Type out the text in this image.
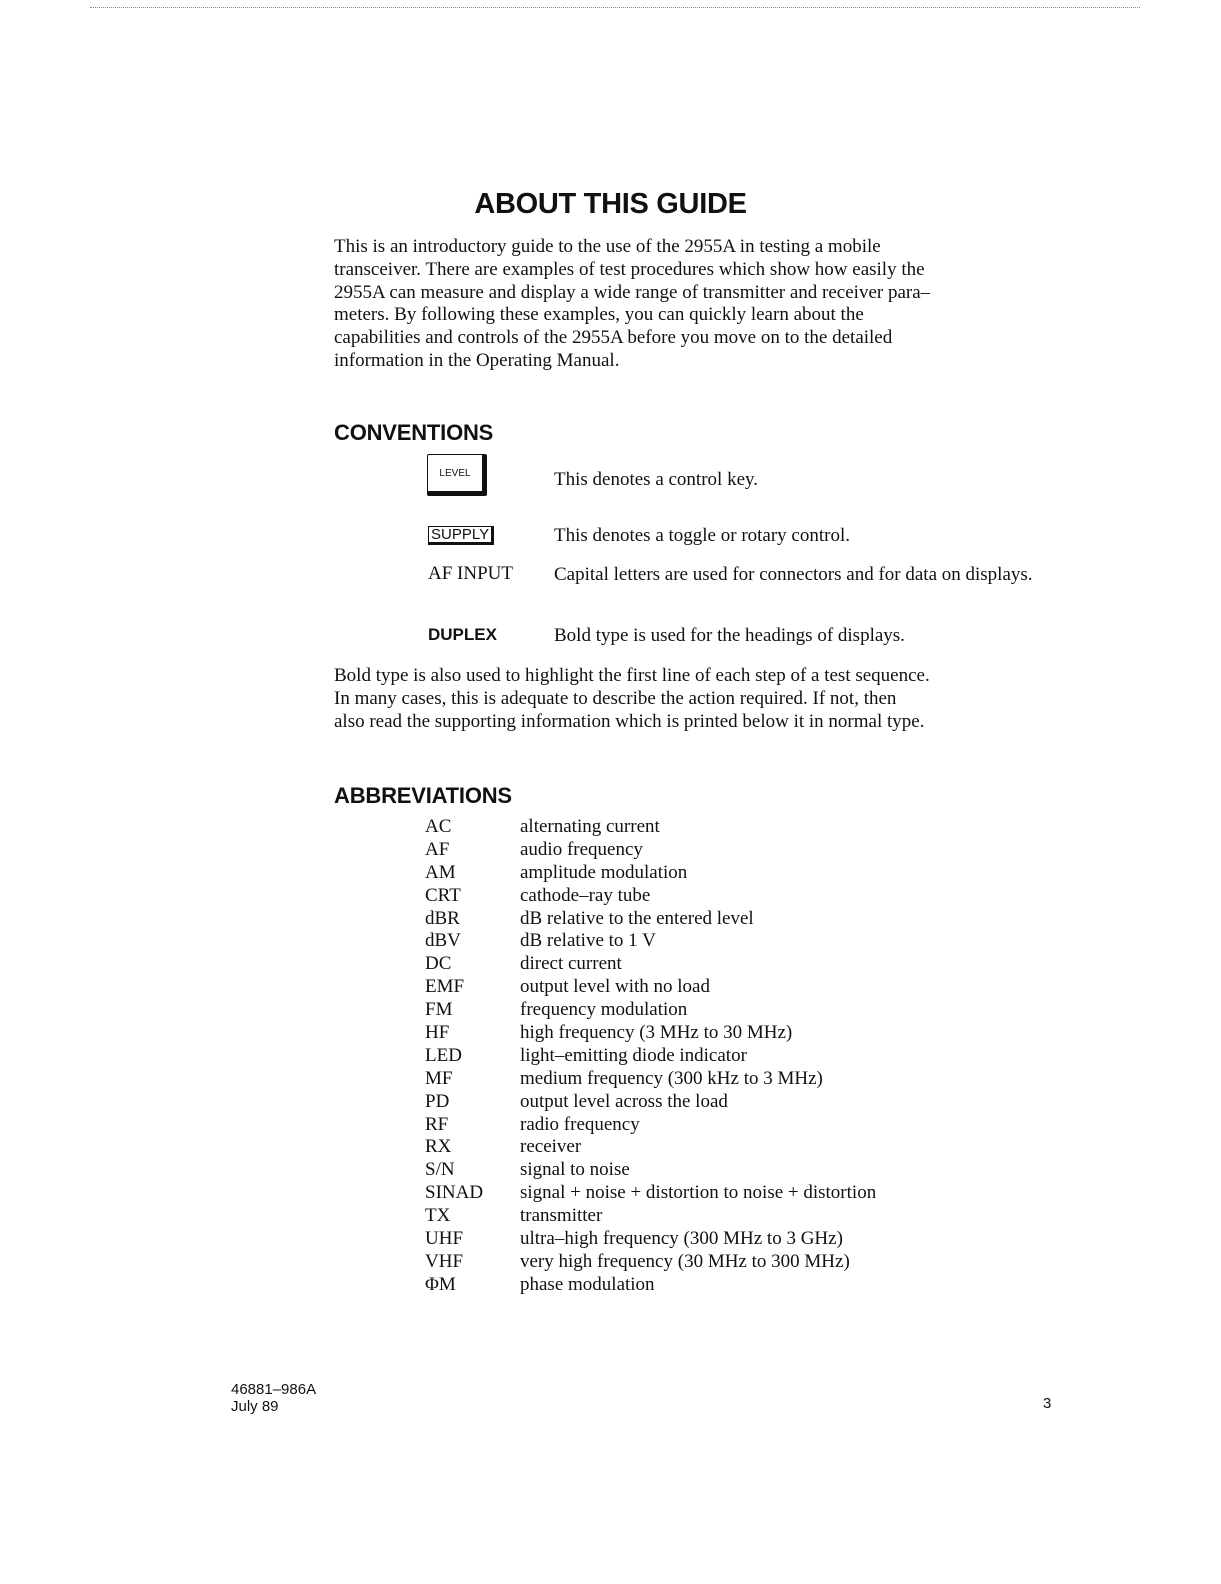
ABOUT THIS GUIDE
This is an introductory guide to the use of the 2955A in testing a mobile
transceiver. There are examples of test procedures which show how easily the
2955A can measure and display a wide range of transmitter and receiver para–
meters. By following these examples, you can quickly learn about the
capabilities and controls of the 2955A before you move on to the detailed
information in the Operating Manual.
CONVENTIONS
LEVEL	This denotes a control key.
SUPPLY	This denotes a toggle or rotary control.
AF INPUT Capital letters are used for connectors and for data on displays.
DUPLEX	Bold type is used for the headings of displays.
Bold type is also used to highlight the first line of each step of a test sequence.
In many cases, this is adequate to describe the action required. If not, then
also read the supporting information which is printed below it in normal type.
ABBREVIATIONS
AC	alternating current
AF	audio frequency
AM	amplitude modulation
CRT	cathode–ray tube
dBR	dB relative to the entered level
dBV	dB relative to 1 V
DC	direct current
EMF	output level with no load
FM	frequency modulation
HF	high frequency (3 MHz to 30 MHz)
LED	light–emitting diode indicator
MF	medium frequency (300 kHz to 3 MHz)
PD	output level across the load
RF	radio frequency
RX	receiver
S/N	signal to noise
SINAD signal + noise + distortion to noise + distortion
TX	transmitter
UHF	ultra–high frequency (300 MHz to 3 GHz)
VHF	very high frequency (30 MHz to 300 MHz)
ΦM	phase modulation
46881–986A
July 89	3
